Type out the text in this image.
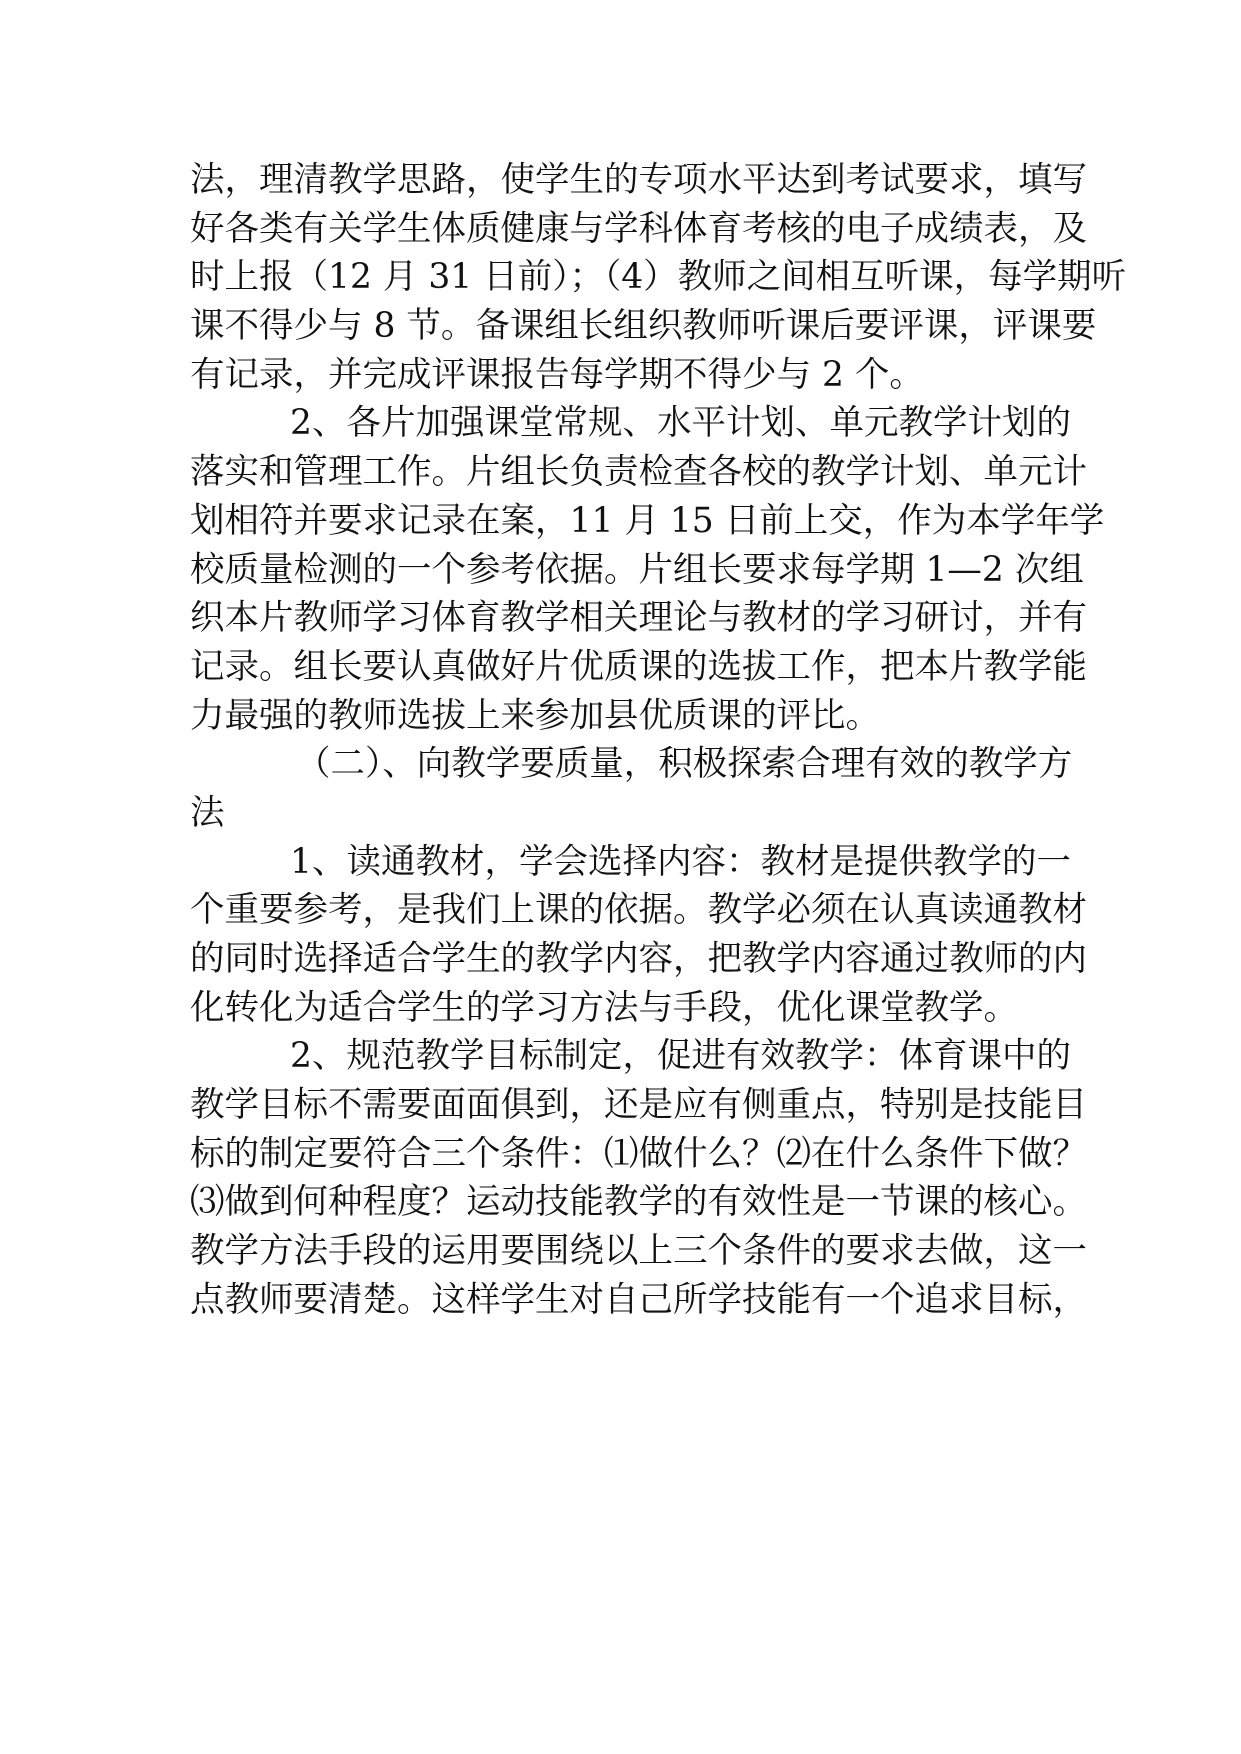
法，理清教学思路，使学生的专项水平达到考试要求，填写
好各类有关学生体质健康与学科体育考核的电子成绩表，及
时上报（12 月 31 日前）；（4）教师之间相互听课，每学期听
课不得少与 8 节。备课组长组织教师听课后要评课，评课要
有记录，并完成评课报告每学期不得少与 2 个。
2、各片加强课堂常规、水平计划、单元教学计划的
落实和管理工作。片组长负责检查各校的教学计划、单元计
划相符并要求记录在案，11 月 15 日前上交，作为本学年学
校质量检测的一个参考依据。片组长要求每学期 1—2 次组
织本片教师学习体育教学相关理论与教材的学习研讨，并有
记录。组长要认真做好片优质课的选拔工作，把本片教学能
力最强的教师选拔上来参加县优质课的评比。
（二）、向教学要质量，积极探索合理有效的教学方
法
1、读通教材，学会选择内容：教材是提供教学的一
个重要参考，是我们上课的依据。教学必须在认真读通教材
的同时选择适合学生的教学内容，把教学内容通过教师的内
化转化为适合学生的学习方法与手段，优化课堂教学。
2、规范教学目标制定，促进有效教学：体育课中的
教学目标不需要面面俱到，还是应有侧重点，特别是技能目
标的制定要符合三个条件：⑴做什么？⑵在什么条件下做？
⑶做到何种程度？运动技能教学的有效性是一节课的核心。
教学方法手段的运用要围绕以上三个条件的要求去做，这一
点教师要清楚。这样学生对自己所学技能有一个追求目标，
